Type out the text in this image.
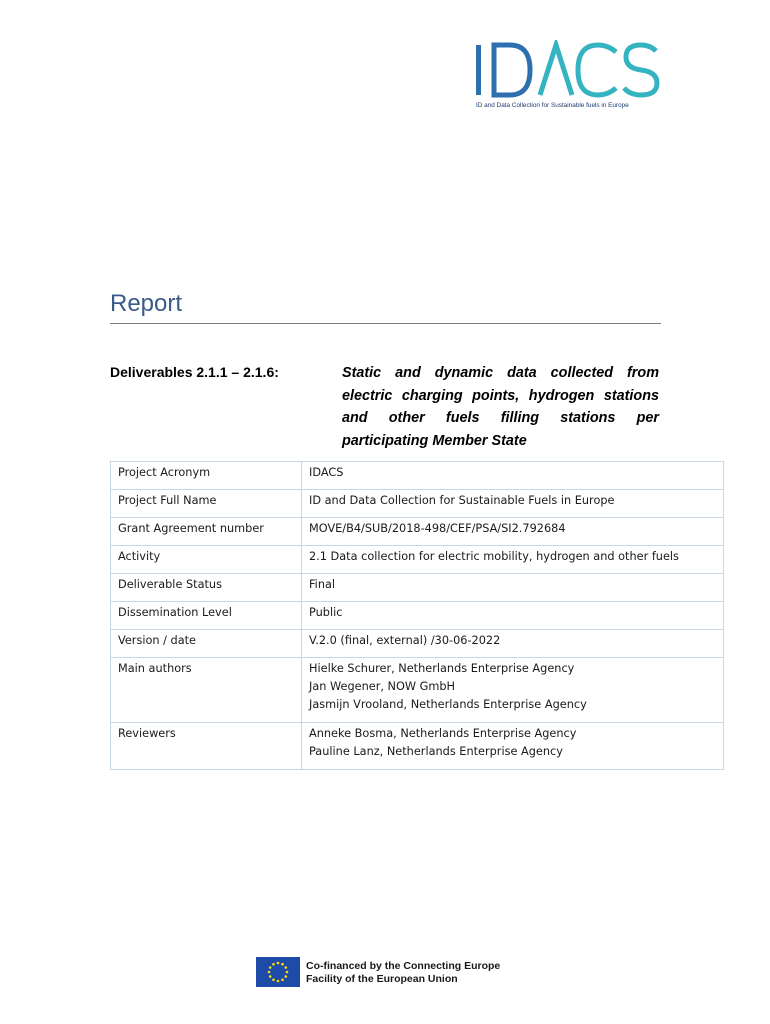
ID and Data Collection for Sustainable fuels in Europe
Report
Deliverables 2.1.1 – 2.1.6:	Static and dynamic data collected from electric charging points, hydrogen stations and other fuels filling stations per participating Member State
Project Acronym	IDACS

Project Full Name	ID and Data Collection for Sustainable Fuels in Europe

Grant Agreement number	MOVE/B4/SUB/2018-498/CEF/PSA/SI2.792684

Activity	2.1 Data collection for electric mobility, hydrogen and other fuels

Deliverable Status	Final

Dissemination Level	Public

Version / date	V.2.0 (final, external) /30-06-2022

Main authors	Hielke Schurer, Netherlands Enterprise Agency
Jan Wegener, NOW GmbH
Jasmijn Vrooland, Netherlands Enterprise Agency

Reviewers	Anneke Bosma, Netherlands Enterprise Agency
Pauline Lanz, Netherlands Enterprise Agency
Co-financed by the Connecting Europe
Facility of the European Union
